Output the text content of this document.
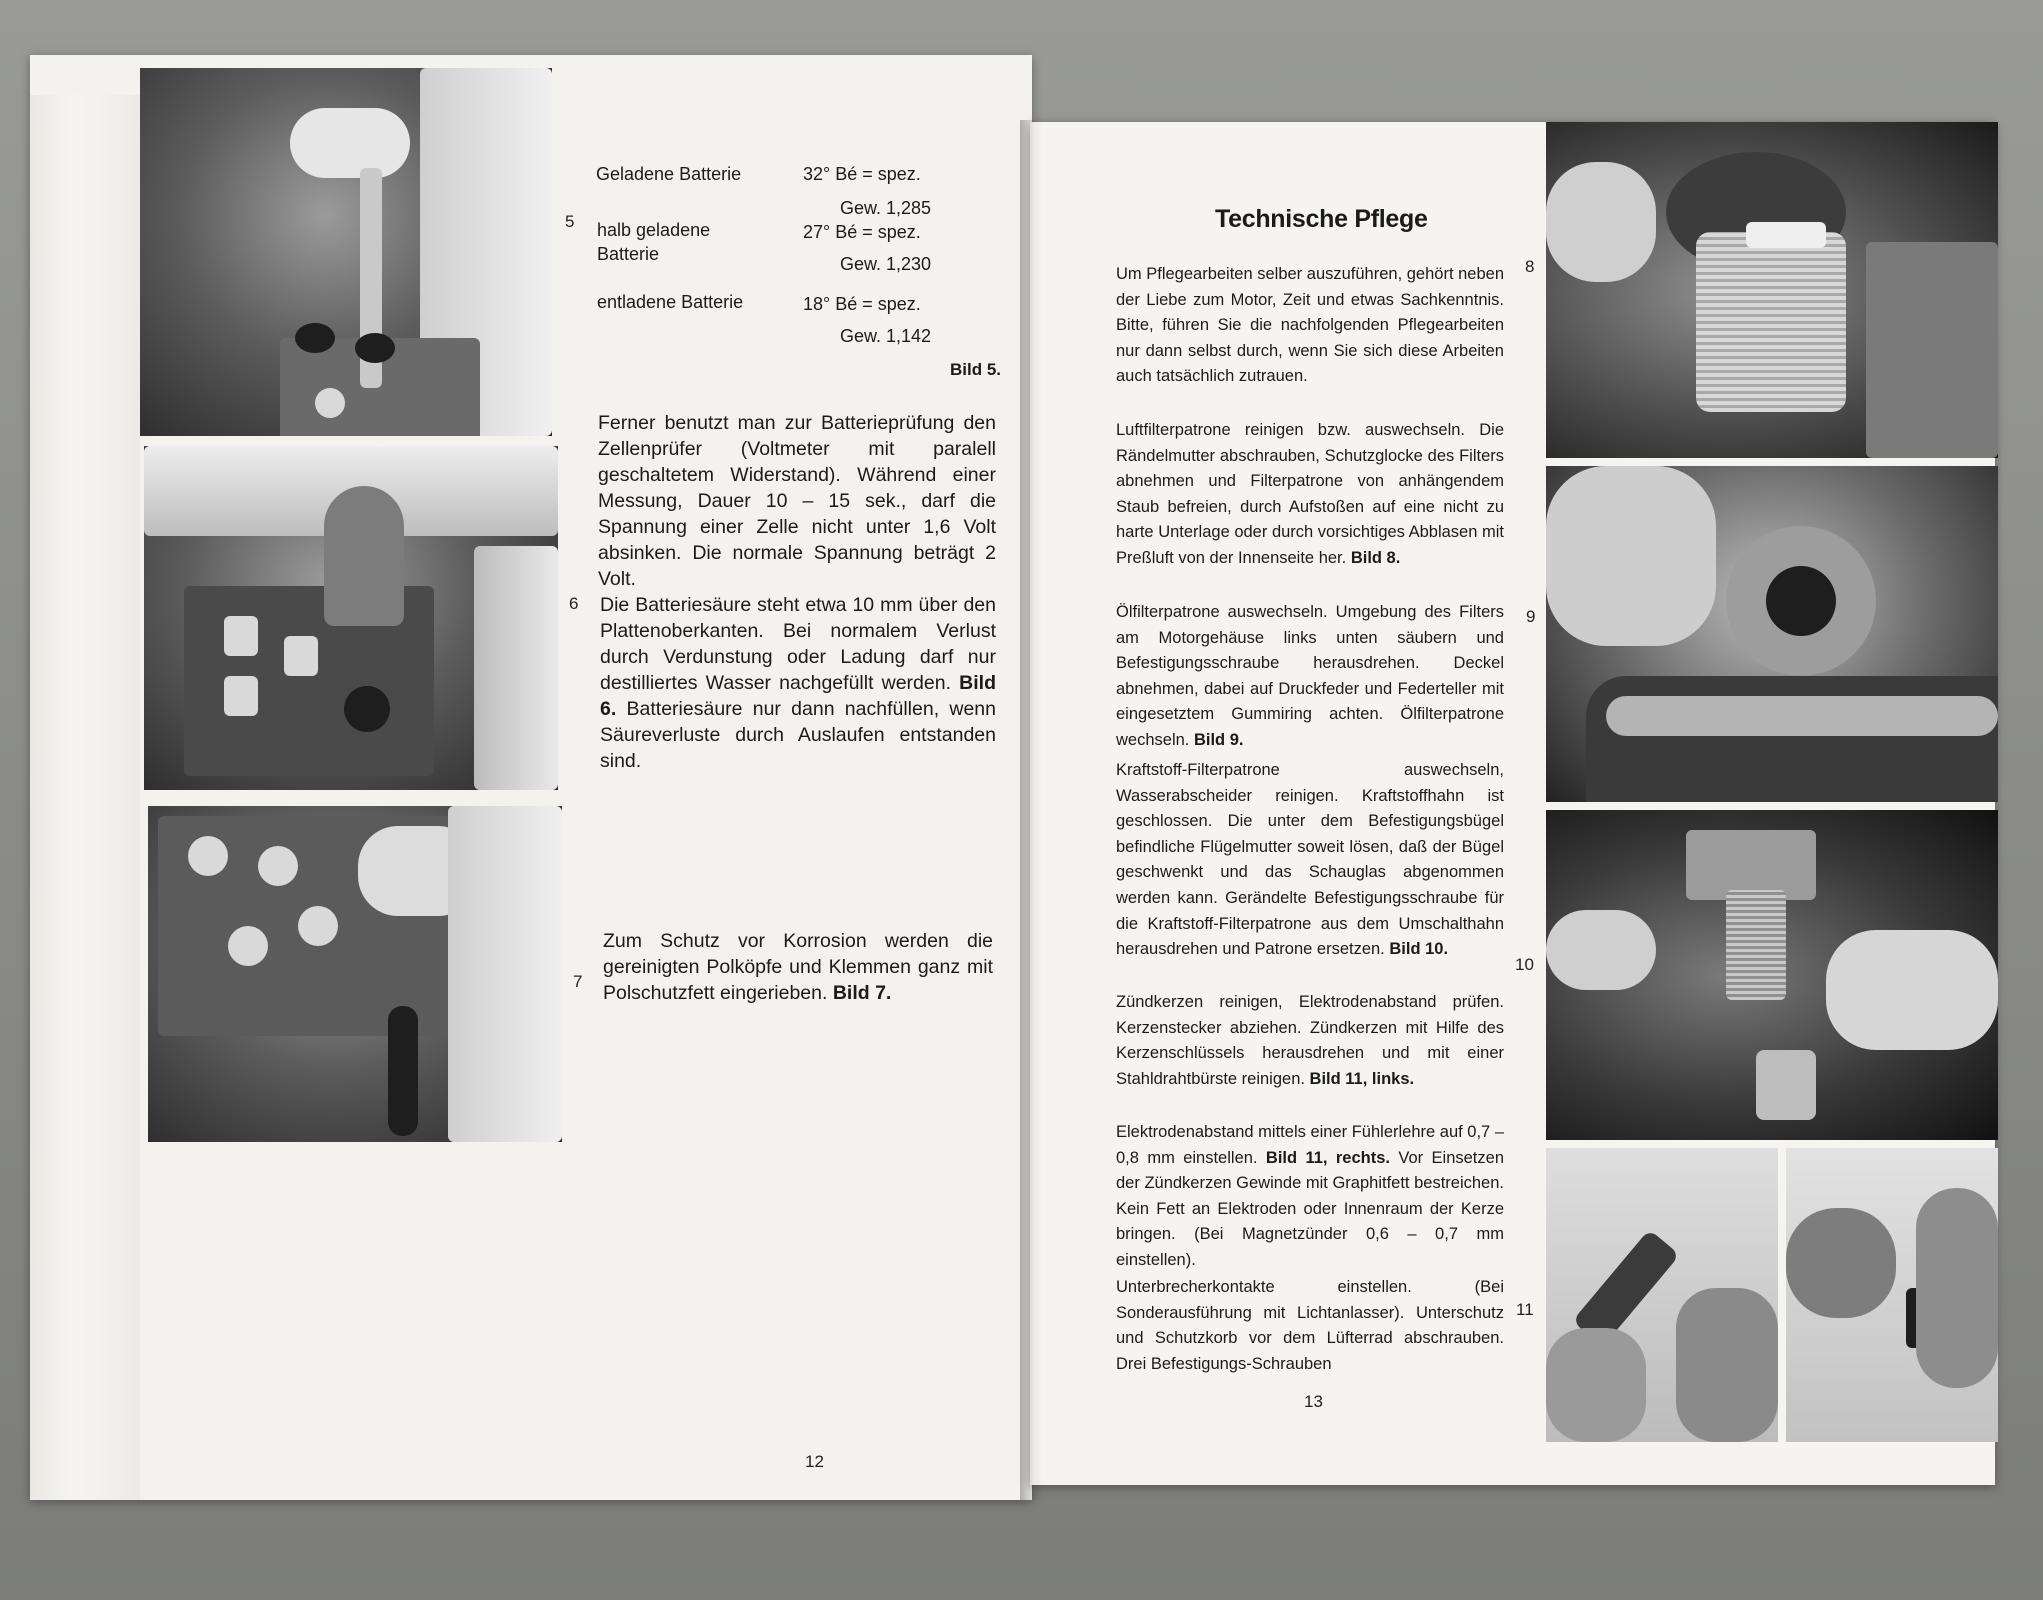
5
6
7
Geladene Batterie	32° Bé = spez.
Gew. 1,285
halb geladene Batterie
27° Bé = spez.
Gew. 1,230
entladene Batterie	18° Bé = spez.
Gew. 1,142
Bild 5.
Ferner benutzt man zur Batterieprüfung den Zellenprüfer (Voltmeter mit paralell geschaltetem Widerstand). Während einer Messung, Dauer 10 – 15 sek., darf die Spannung einer Zelle nicht unter 1,6 Volt absinken. Die normale Spannung beträgt 2 Volt.
Die Batteriesäure steht etwa 10 mm über den Plattenoberkanten. Bei normalem Verlust durch Verdunstung oder Ladung darf nur destilliertes Wasser nachgefüllt werden. Bild 6. Batteriesäure nur dann nachfüllen, wenn Säureverluste durch Auslaufen entstanden sind.
Zum Schutz vor Korrosion werden die gereinigten Polköpfe und Klemmen ganz mit Polschutzfett eingerieben. Bild 7.
12
Technische Pflege
Um Pflegearbeiten selber auszuführen, gehört neben der Liebe zum Motor, Zeit und etwas Sachkenntnis. Bitte, führen Sie die nachfolgenden Pflegearbeiten nur dann selbst durch, wenn Sie sich diese Arbeiten auch tatsächlich zutrauen.
Luftfilterpatrone reinigen bzw. auswechseln. Die Rändelmutter abschrauben, Schutzglocke des Filters abnehmen und Filterpatrone von anhängendem Staub befreien, durch Aufstoßen auf eine nicht zu harte Unterlage oder durch vorsichtiges Abblasen mit Preßluft von der Innenseite her. Bild 8.
Ölfilterpatrone auswechseln. Umgebung des Filters am Motorgehäuse links unten säubern und Befestigungsschraube herausdrehen. Deckel abnehmen, dabei auf Druckfeder und Federteller mit eingesetztem Gummiring achten. Ölfilterpatrone wechseln. Bild 9.
Kraftstoff-Filterpatrone auswechseln, Wasserabscheider reinigen. Kraftstoffhahn ist geschlossen. Die unter dem Befestigungsbügel befindliche Flügelmutter soweit lösen, daß der Bügel geschwenkt und das Schauglas abgenommen werden kann. Gerändelte Befestigungsschraube für die Kraftstoff-Filterpatrone aus dem Umschalthahn herausdrehen und Patrone ersetzen. Bild 10.
Zündkerzen reinigen, Elektrodenabstand prüfen. Kerzenstecker abziehen. Zündkerzen mit Hilfe des Kerzenschlüssels herausdrehen und mit einer Stahldrahtbürste reinigen. Bild 11, links.
Elektrodenabstand mittels einer Fühlerlehre auf 0,7 – 0,8 mm einstellen. Bild 11, rechts. Vor Einsetzen der Zündkerzen Gewinde mit Graphitfett bestreichen. Kein Fett an Elektroden oder Innenraum der Kerze bringen. (Bei Magnetzünder 0,6 – 0,7 mm einstellen).
Unterbrecherkontakte einstellen. (Bei Sonderausführung mit Lichtanlasser). Unterschutz und Schutzkorb vor dem Lüfterrad abschrauben. Drei Befestigungs-Schrauben
13
8
9
10
11
